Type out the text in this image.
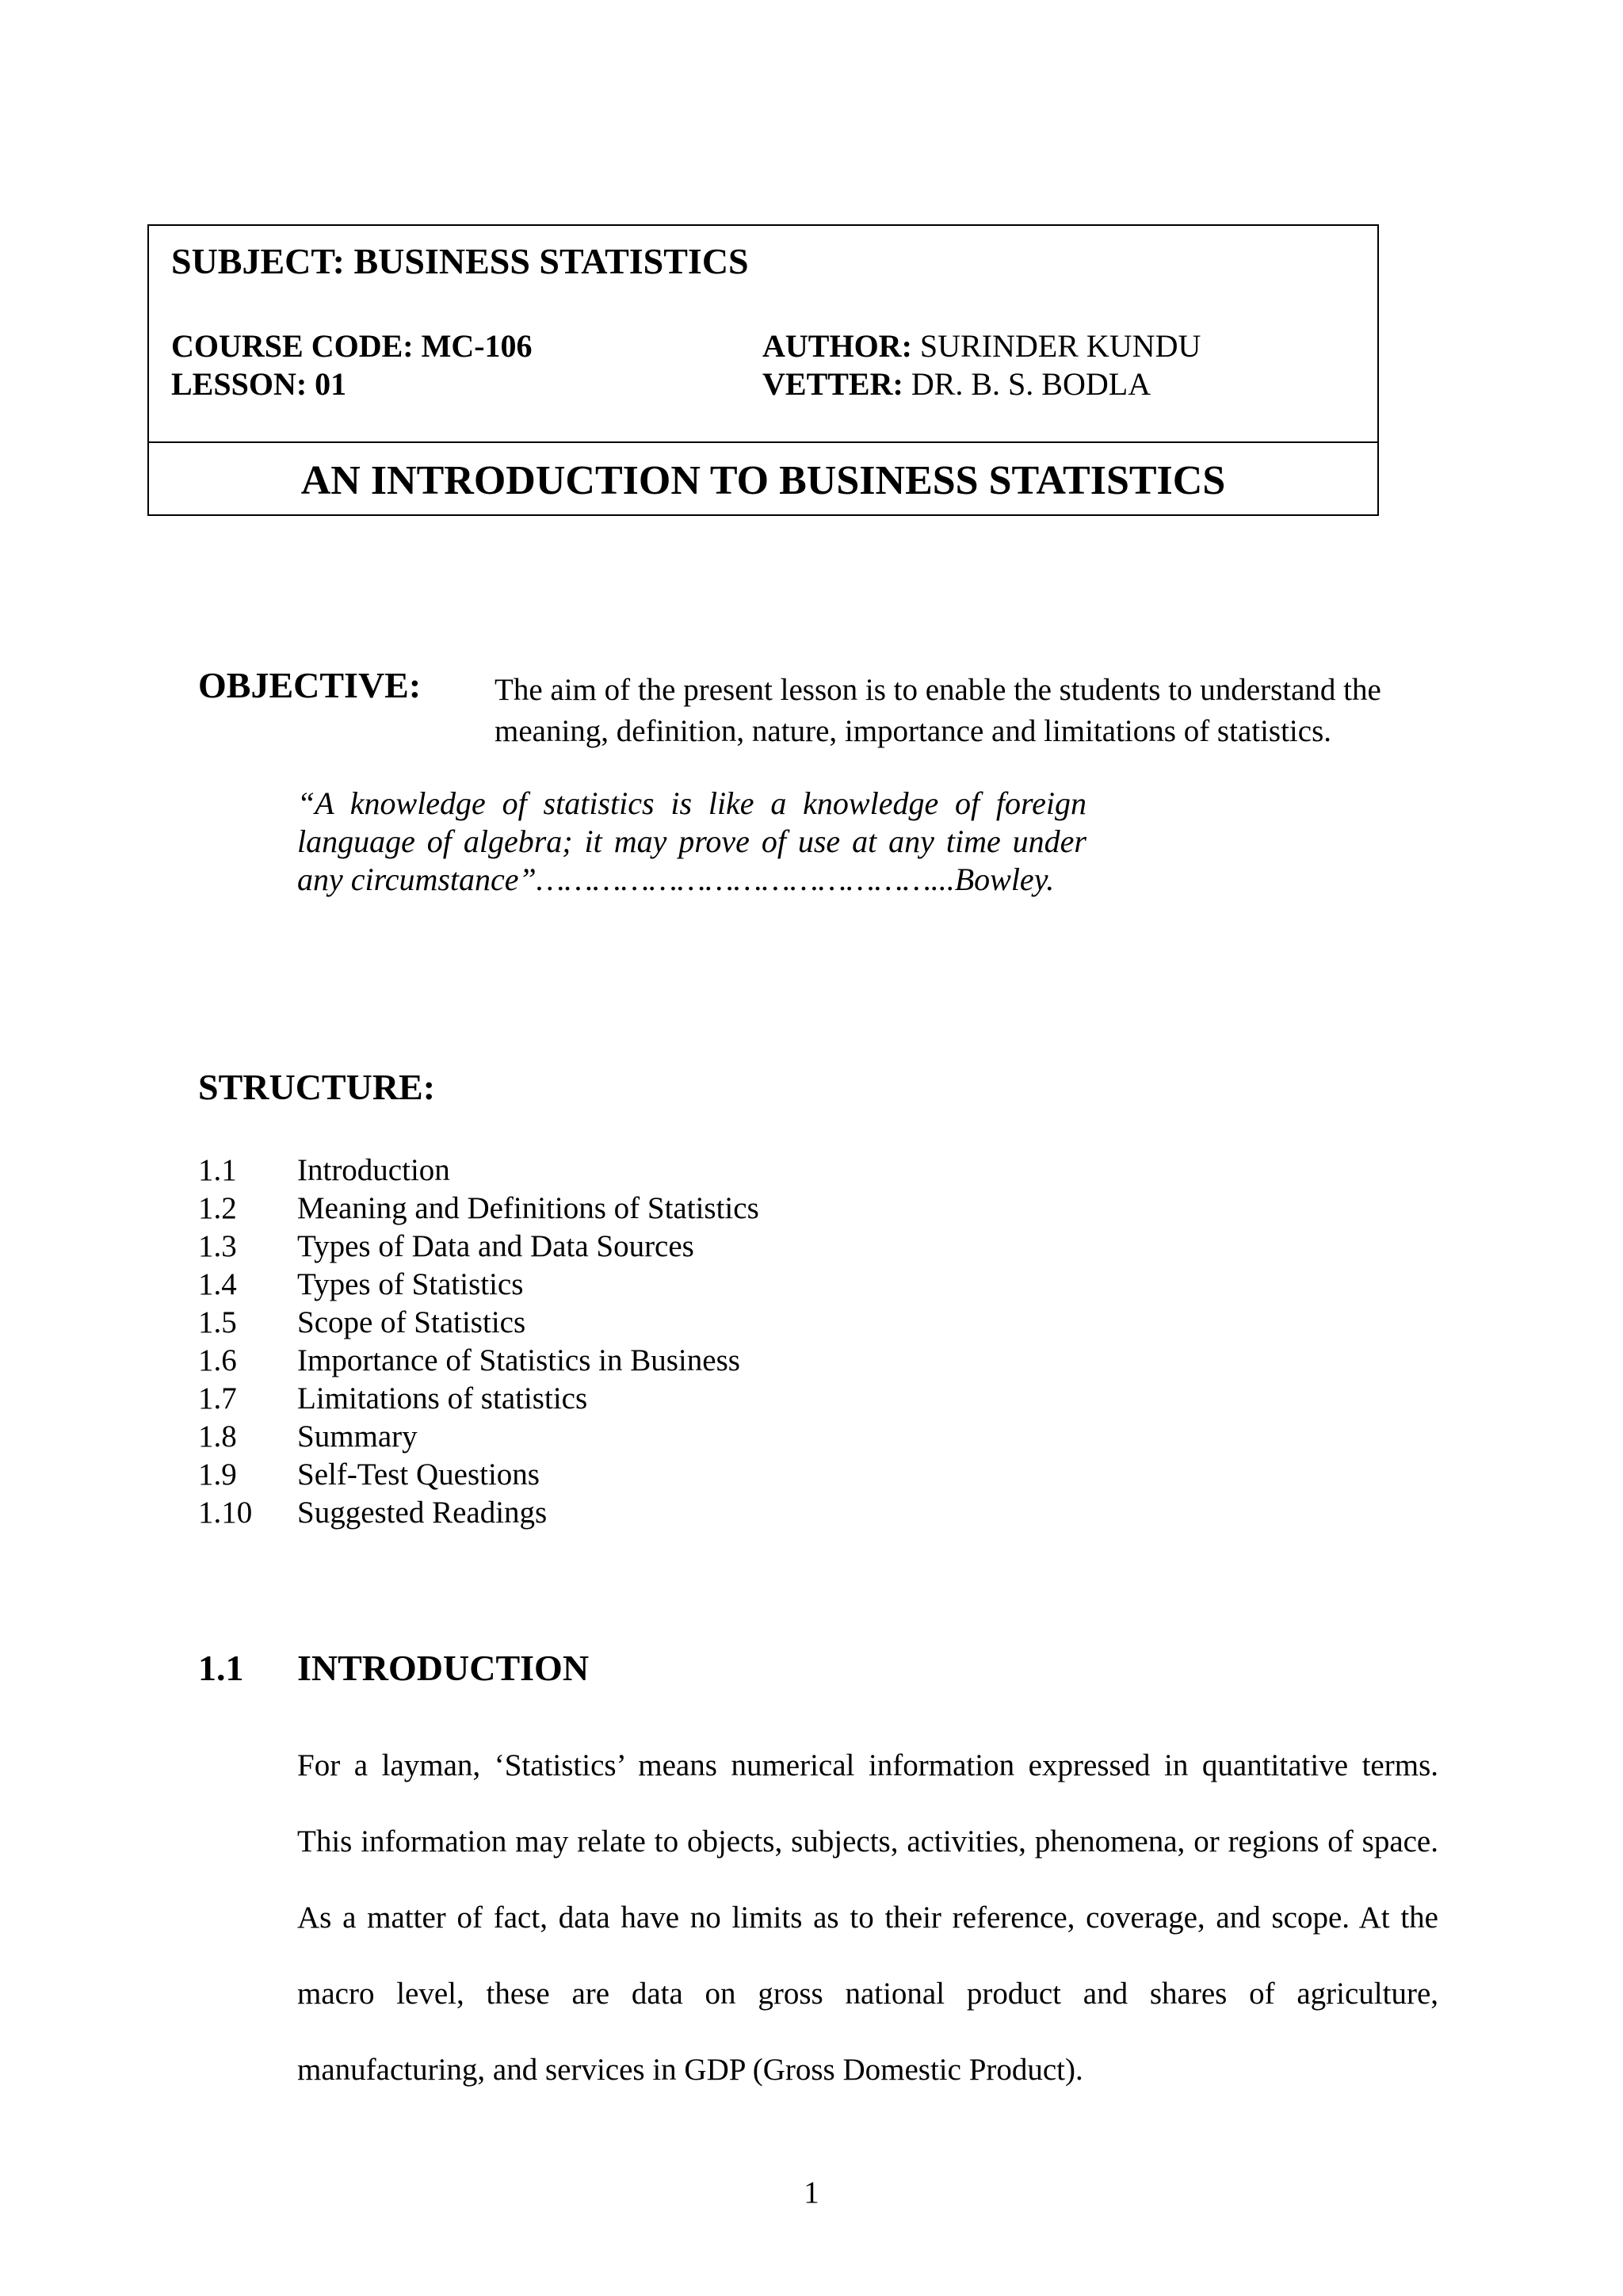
SUBJECT: BUSINESS STATISTICS
COURSE CODE: MC-106
LESSON: 01
AUTHOR: SURINDER KUNDU
VETTER: DR. B. S. BODLA
AN INTRODUCTION TO BUSINESS STATISTICS
OBJECTIVE: The aim of the present lesson is to enable the students to understand the meaning, definition, nature, importance and limitations of statistics.
“A knowledge of statistics is like a knowledge of foreign language of algebra; it may prove of use at any time under any circumstance”……………………………………...Bowley.
STRUCTURE:
1.1	Introduction
1.2	Meaning and Definitions of Statistics
1.3	Types of Data and Data Sources
1.4	Types of Statistics
1.5	Scope of Statistics
1.6	Importance of Statistics in Business
1.7	Limitations of statistics
1.8	Summary
1.9	Self-Test Questions
1.10	Suggested Readings
1.1	INTRODUCTION
For a layman, ‘Statistics’ means numerical information expressed in quantitative terms. This information may relate to objects, subjects, activities, phenomena, or regions of space. As a matter of fact, data have no limits as to their reference, coverage, and scope. At the macro level, these are data on gross national product and shares of agriculture, manufacturing, and services in GDP (Gross Domestic Product).
1
